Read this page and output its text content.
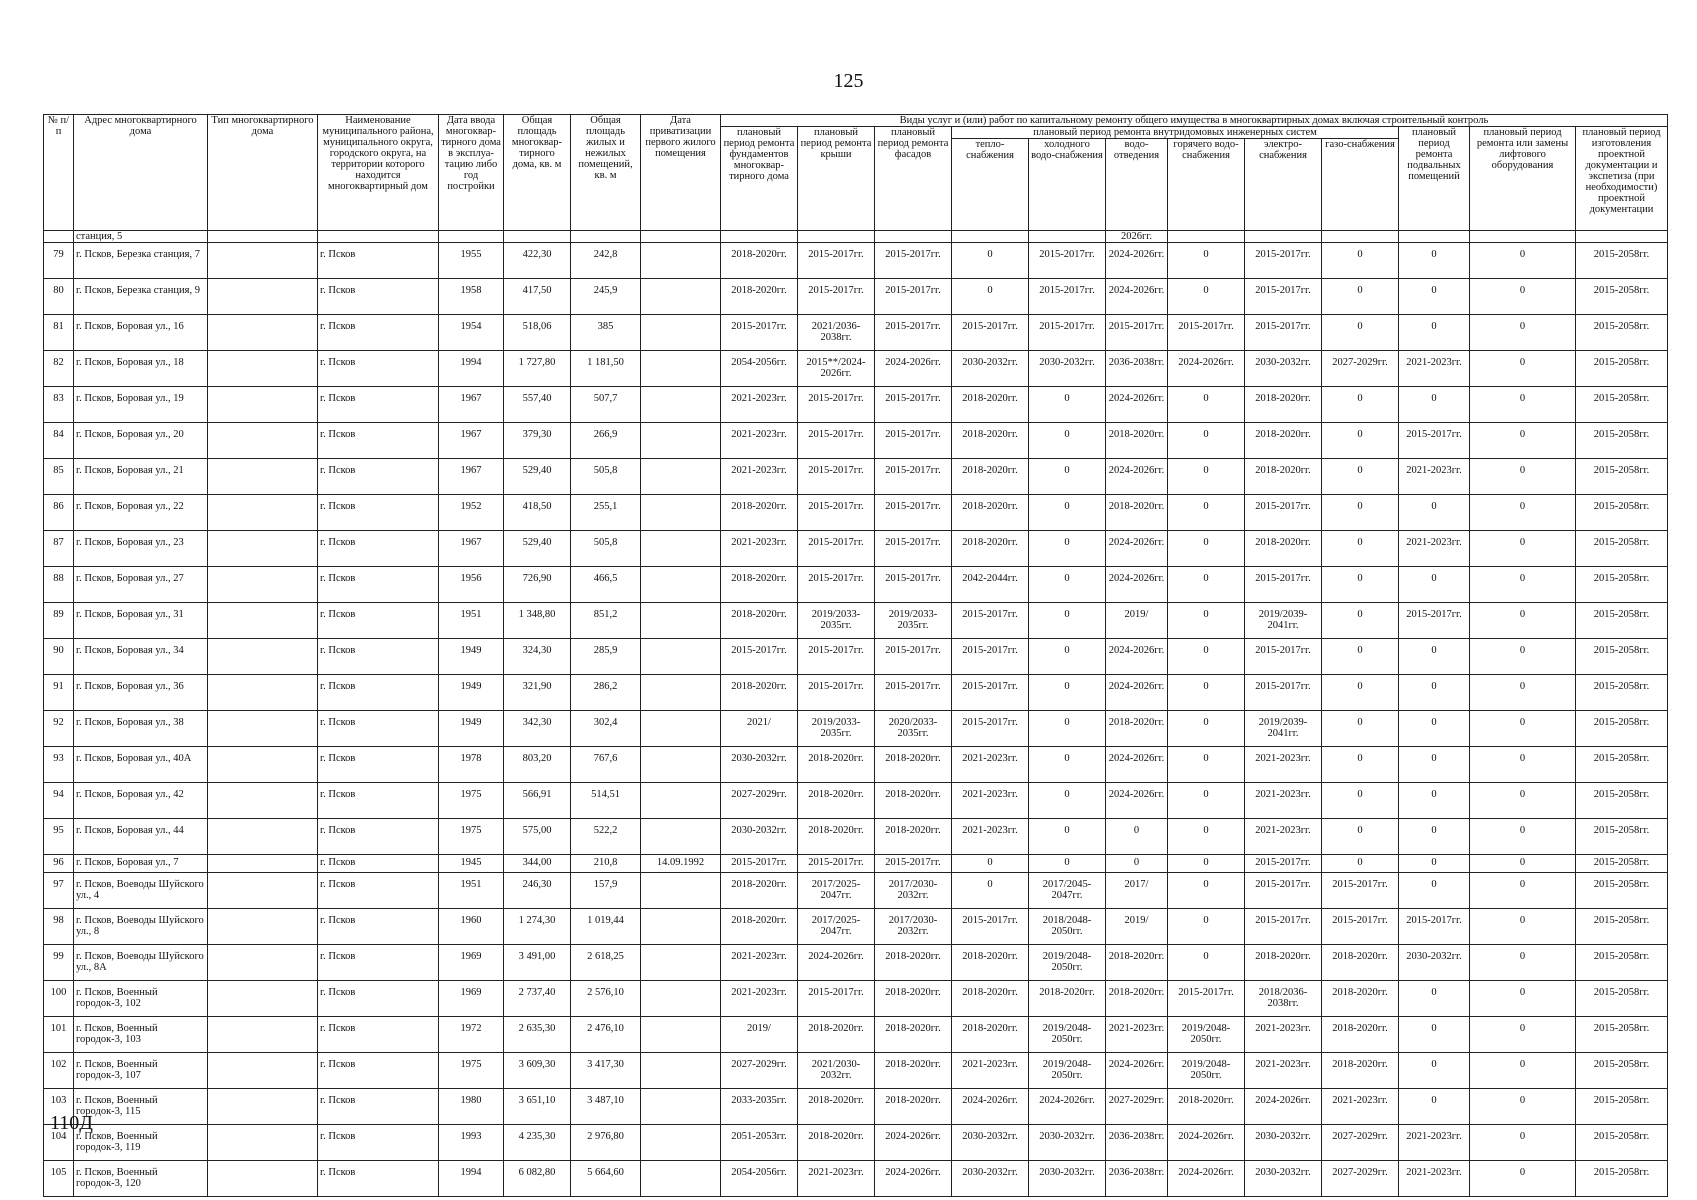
125
№ п/п	Адрес многоквартирного дома	Тип многоквартирного дома	Наименование муниципального района, муниципального округа, городского округа, на территории которого находится многоквартирный дом	Дата ввода многоквар-тирного дома в эксплуа-тацию либо год постройки	Общая площадь многоквар-тирного дома, кв. м	Общая площадь жилых и нежилых помещений, кв. м	Дата приватизации первого жилого помещения	Виды услуг и (или) работ по капитальному ремонту общего имущества в многоквартирных домах включая строительный контроль											
								плановый период ремонта фундаментов многоквар-тирного дома	плановый период ремонта крыши	плановый период ремонта фасадов	плановый период ремонта внутридомовых инженерных систем						плановый период ремонта подвальных помещений	плановый период ремонта или замены лифтового оборудования	плановый период изготовления проектной документации и экспетиза (при необходимости) проектной документации
											тепло-снабжения	холодного водо-снабжения	водо-отведения	горячего водо-снабжения	электро-снабжения	газо-снабжения			
	станция, 5												2026гг.						
79	г. Псков, Березка станция, 7		г. Псков	1955	422,30	242,8		2018-2020гг.	2015-2017гг.	2015-2017гг.	0	2015-2017гг.	2024-2026гг.	0	2015-2017гг.	0	0	0	2015-2058гг.
80	г. Псков, Березка станция, 9		г. Псков	1958	417,50	245,9		2018-2020гг.	2015-2017гг.	2015-2017гг.	0	2015-2017гг.	2024-2026гг.	0	2015-2017гг.	0	0	0	2015-2058гг.
81	г. Псков, Боровая ул., 16		г. Псков	1954	518,06	385		2015-2017гг.	2021/2036-2038гг.	2015-2017гг.	2015-2017гг.	2015-2017гг.	2015-2017гг.	2015-2017гг.	2015-2017гг.	0	0	0	2015-2058гг.
82	г. Псков, Боровая ул., 18		г. Псков	1994	1 727,80	1 181,50		2054-2056гг.	2015**/2024-2026гг.	2024-2026гг.	2030-2032гг.	2030-2032гг.	2036-2038гг.	2024-2026гг.	2030-2032гг.	2027-2029гг.	2021-2023гг.	0	2015-2058гг.
83	г. Псков, Боровая ул., 19		г. Псков	1967	557,40	507,7		2021-2023гг.	2015-2017гг.	2015-2017гг.	2018-2020гг.	0	2024-2026гг.	0	2018-2020гг.	0	0	0	2015-2058гг.
84	г. Псков, Боровая ул., 20		г. Псков	1967	379,30	266,9		2021-2023гг.	2015-2017гг.	2015-2017гг.	2018-2020гг.	0	2018-2020гг.	0	2018-2020гг.	0	2015-2017гг.	0	2015-2058гг.
85	г. Псков, Боровая ул., 21		г. Псков	1967	529,40	505,8		2021-2023гг.	2015-2017гг.	2015-2017гг.	2018-2020гг.	0	2024-2026гг.	0	2018-2020гг.	0	2021-2023гг.	0	2015-2058гг.
86	г. Псков, Боровая ул., 22		г. Псков	1952	418,50	255,1		2018-2020гг.	2015-2017гг.	2015-2017гг.	2018-2020гг.	0	2018-2020гг.	0	2015-2017гг.	0	0	0	2015-2058гг.
87	г. Псков, Боровая ул., 23		г. Псков	1967	529,40	505,8		2021-2023гг.	2015-2017гг.	2015-2017гг.	2018-2020гг.	0	2024-2026гг.	0	2018-2020гг.	0	2021-2023гг.	0	2015-2058гг.
88	г. Псков, Боровая ул., 27		г. Псков	1956	726,90	466,5		2018-2020гг.	2015-2017гг.	2015-2017гг.	2042-2044гг.	0	2024-2026гг.	0	2015-2017гг.	0	0	0	2015-2058гг.
89	г. Псков, Боровая ул., 31		г. Псков	1951	1 348,80	851,2		2018-2020гг.	2019/2033-2035гг.	2019/2033-2035гг.	2015-2017гг.	0	2019/	0	2019/2039-2041гг.	0	2015-2017гг.	0	2015-2058гг.
90	г. Псков, Боровая ул., 34		г. Псков	1949	324,30	285,9		2015-2017гг.	2015-2017гг.	2015-2017гг.	2015-2017гг.	0	2024-2026гг.	0	2015-2017гг.	0	0	0	2015-2058гг.
91	г. Псков, Боровая ул., 36		г. Псков	1949	321,90	286,2		2018-2020гг.	2015-2017гг.	2015-2017гг.	2015-2017гг.	0	2024-2026гг.	0	2015-2017гг.	0	0	0	2015-2058гг.
92	г. Псков, Боровая ул., 38		г. Псков	1949	342,30	302,4		2021/	2019/2033-2035гг.	2020/2033-2035гг.	2015-2017гг.	0	2018-2020гг.	0	2019/2039-2041гг.	0	0	0	2015-2058гг.
93	г. Псков, Боровая ул., 40А		г. Псков	1978	803,20	767,6		2030-2032гг.	2018-2020гг.	2018-2020гг.	2021-2023гг.	0	2024-2026гг.	0	2021-2023гг.	0	0	0	2015-2058гг.
94	г. Псков, Боровая ул., 42		г. Псков	1975	566,91	514,51		2027-2029гг.	2018-2020гг.	2018-2020гг.	2021-2023гг.	0	2024-2026гг.	0	2021-2023гг.	0	0	0	2015-2058гг.
95	г. Псков, Боровая ул., 44		г. Псков	1975	575,00	522,2		2030-2032гг.	2018-2020гг.	2018-2020гг.	2021-2023гг.	0	0	0	2021-2023гг.	0	0	0	2015-2058гг.
96	г. Псков, Боровая ул., 7		г. Псков	1945	344,00	210,8	14.09.1992	2015-2017гг.	2015-2017гг.	2015-2017гг.	0	0	0	0	2015-2017гг.	0	0	0	2015-2058гг.
97	г. Псков, Воеводы Шуйского ул., 4		г. Псков	1951	246,30	157,9		2018-2020гг.	2017/2025-2047гг.	2017/2030-2032гг.	0	2017/2045-2047гг.	2017/	0	2015-2017гг.	2015-2017гг.	0	0	2015-2058гг.
98	г. Псков, Воеводы Шуйского ул., 8		г. Псков	1960	1 274,30	1 019,44		2018-2020гг.	2017/2025-2047гг.	2017/2030-2032гг.	2015-2017гг.	2018/2048-2050гг.	2019/	0	2015-2017гг.	2015-2017гг.	2015-2017гг.	0	2015-2058гг.
99	г. Псков, Воеводы Шуйского ул., 8А		г. Псков	1969	3 491,00	2 618,25		2021-2023гг.	2024-2026гг.	2018-2020гг.	2018-2020гг.	2019/2048-2050гг.	2018-2020гг.	0	2018-2020гг.	2018-2020гг.	2030-2032гг.	0	2015-2058гг.
100	г. Псков, Военный городок-3, 102		г. Псков	1969	2 737,40	2 576,10		2021-2023гг.	2015-2017гг.	2018-2020гг.	2018-2020гг.	2018-2020гг.	2018-2020гг.	2015-2017гг.	2018/2036-2038гг.	2018-2020гг.	0	0	2015-2058гг.
101	г. Псков, Военный городок-3, 103		г. Псков	1972	2 635,30	2 476,10		2019/	2018-2020гг.	2018-2020гг.	2018-2020гг.	2019/2048-2050гг.	2021-2023гг.	2019/2048-2050гг.	2021-2023гг.	2018-2020гг.	0	0	2015-2058гг.
102	г. Псков, Военный городок-3, 107		г. Псков	1975	3 609,30	3 417,30		2027-2029гг.	2021/2030-2032гг.	2018-2020гг.	2021-2023гг.	2019/2048-2050гг.	2024-2026гг.	2019/2048-2050гг.	2021-2023гг.	2018-2020гг.	0	0	2015-2058гг.
103	г. Псков, Военный городок-3, 115		г. Псков	1980	3 651,10	3 487,10		2033-2035гг.	2018-2020гг.	2018-2020гг.	2024-2026гг.	2024-2026гг.	2027-2029гг.	2018-2020гг.	2024-2026гг.	2021-2023гг.	0	0	2015-2058гг.
104	г. Псков, Военный городок-3, 119		г. Псков	1993	4 235,30	2 976,80		2051-2053гг.	2018-2020гг.	2024-2026гг.	2030-2032гг.	2030-2032гг.	2036-2038гг.	2024-2026гг.	2030-2032гг.	2027-2029гг.	2021-2023гг.	0	2015-2058гг.
105	г. Псков, Военный городок-3, 120		г. Псков	1994	6 082,80	5 664,60		2054-2056гг.	2021-2023гг.	2024-2026гг.	2030-2032гг.	2030-2032гг.	2036-2038гг.	2024-2026гг.	2030-2032гг.	2027-2029гг.	2021-2023гг.	0	2015-2058гг.
110Д
